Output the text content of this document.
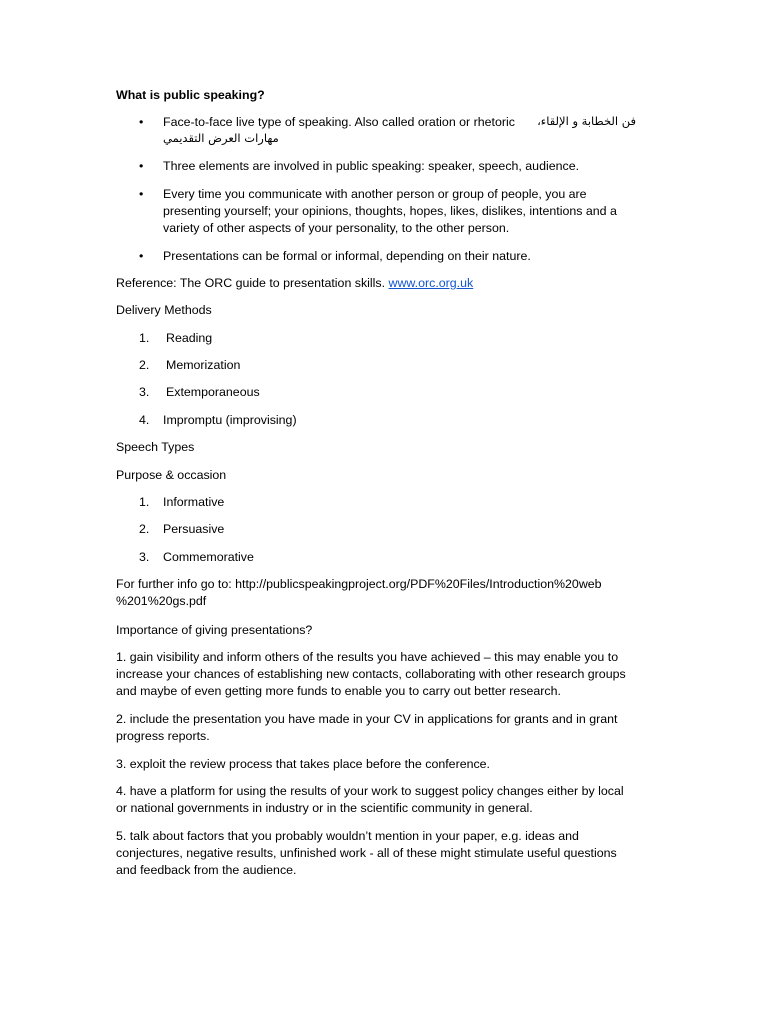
What is public speaking?
• Face-to-face live type of speaking. Also called oration or rhetoric فن الخطابة و الإلقاء،
مهارات العرض التقديمي
• Three elements are involved in public speaking: speaker, speech, audience.
• Every time you communicate with another person or group of people, you are
presenting yourself; your opinions, thoughts, hopes, likes, dislikes, intentions and a
variety of other aspects of your personality, to the other person.
• Presentations can be formal or informal, depending on their nature.
Reference: The ORC guide to presentation skills. www.orc.org.uk
Delivery Methods
1. Reading
2. Memorization
3. Extemporaneous
4. Impromptu (improvising)
Speech Types
Purpose & occasion
1. Informative
2. Persuasive
3. Commemorative
For further info go to: http://publicspeakingproject.org/PDF%20Files/Introduction%20web
%201%20gs.pdf
Importance of giving presentations?
1. gain visibility and inform others of the results you have achieved – this may enable you to
increase your chances of establishing new contacts, collaborating with other research groups
and maybe of even getting more funds to enable you to carry out better research.
2. include the presentation you have made in your CV in applications for grants and in grant
progress reports.
3. exploit the review process that takes place before the conference.
4. have a platform for using the results of your work to suggest policy changes either by local
or national governments in industry or in the scientific community in general.
5. talk about factors that you probably wouldn’t mention in your paper, e.g. ideas and
conjectures, negative results, unfinished work - all of these might stimulate useful questions
and feedback from the audience.
